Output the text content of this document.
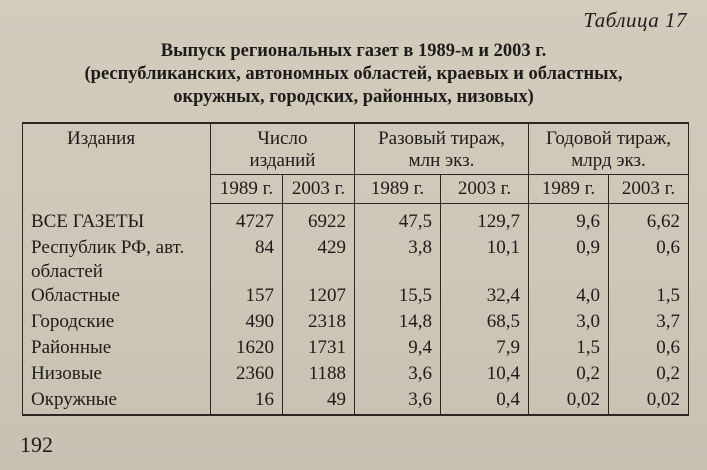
Таблица 17
Выпуск региональных газет в 1989-м и 2003 г.
(республиканских, автономных областей, краевых и областных,
окружных, городских, районных, низовых)
Издания	Число изданий		Разовый тираж, млн экз.		Годовой тираж, млрд экз.	

	1989 г.	2003 г.	1989 г.	2003 г.	1989 г.	2003 г.
ВСЕ ГАЗЕТЫ	4727	6922	47,5	129,7	9,6	6,62
Республик РФ, авт. областей	84	429	3,8	10,1	0,9	0,6
Областные	157	1207	15,5	32,4	4,0	1,5
Городские	490	2318	14,8	68,5	3,0	3,7
Районные	1620	1731	9,4	7,9	1,5	0,6
Низовые	2360	1188	3,6	10,4	0,2	0,2
Окружные	16	49	3,6	0,4	0,02	0,02
192
